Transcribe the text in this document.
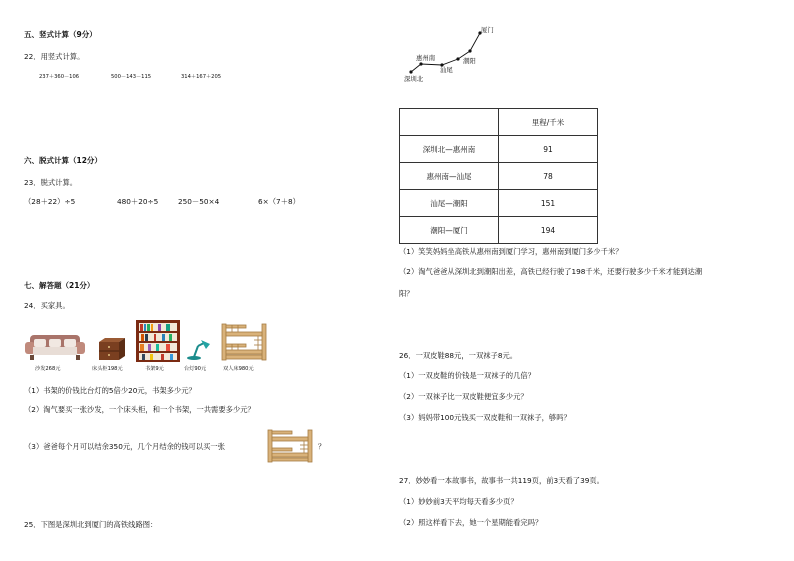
五、竖式计算（9分）
22．用竖式计算。
237＋360－106	500－143－115	314＋167＋205
六、脱式计算（12分）
23．脱式计算。
（28＋22）÷5	480＋20÷5	250－50×4	6×（7＋8）
七、解答题（21分）
24．买家具。
沙发268元	床头柜198元	书架9元	台灯90元	双人床980元
（1）书架的价钱比台灯的5倍少20元，书架多少元？
（2）淘气要买一张沙发，一个床头柜，和一个书架，一共需要多少元？
（3）爸爸每个月可以结余350元，几个月结余的钱可以买一张	？
25．下图是深圳北到厦门的高铁线路图：
厦门
惠州南	潮阳
汕尾
深圳北
	里程/千米
深圳北—惠州南	91
惠州南—汕尾	78
汕尾—潮阳	151
潮阳—厦门	194
（1）笑笑妈妈坐高铁从惠州南到厦门学习，惠州南到厦门多少千米？
（2）淘气爸爸从深圳北到潮阳出差，高铁已经行驶了198千米，还要行驶多少千米才能到达潮
阳？
26．一双皮鞋88元，一双袜子8元。
（1）一双皮鞋的价钱是一双袜子的几倍？
（2）一双袜子比一双皮鞋便宜多少元？
（3）妈妈带100元钱买一双皮鞋和一双袜子，够吗？
27．妙妙看一本故事书，故事书一共119页，前3天看了39页。
（1）妙妙前3天平均每天看多少页？
（2）照这样看下去，她一个星期能看完吗？
